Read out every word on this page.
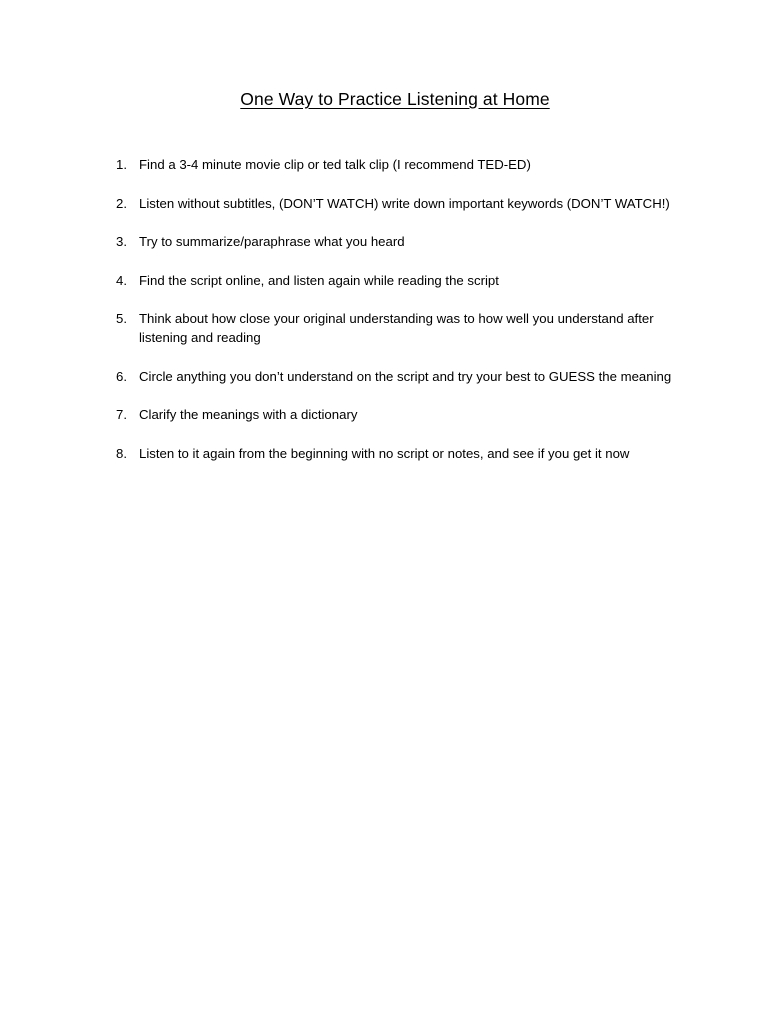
One Way to Practice Listening at Home
1. Find a 3-4 minute movie clip or ted talk clip (I recommend TED-ED)
2. Listen without subtitles, (DON’T WATCH) write down important keywords (DON’T WATCH!)
3. Try to summarize/paraphrase what you heard
4. Find the script online, and listen again while reading the script
5. Think about how close your original understanding was to how well you understand after listening and reading
6. Circle anything you don’t understand on the script and try your best to GUESS the meaning
7. Clarify the meanings with a dictionary
8. Listen to it again from the beginning with no script or notes, and see if you get it now
